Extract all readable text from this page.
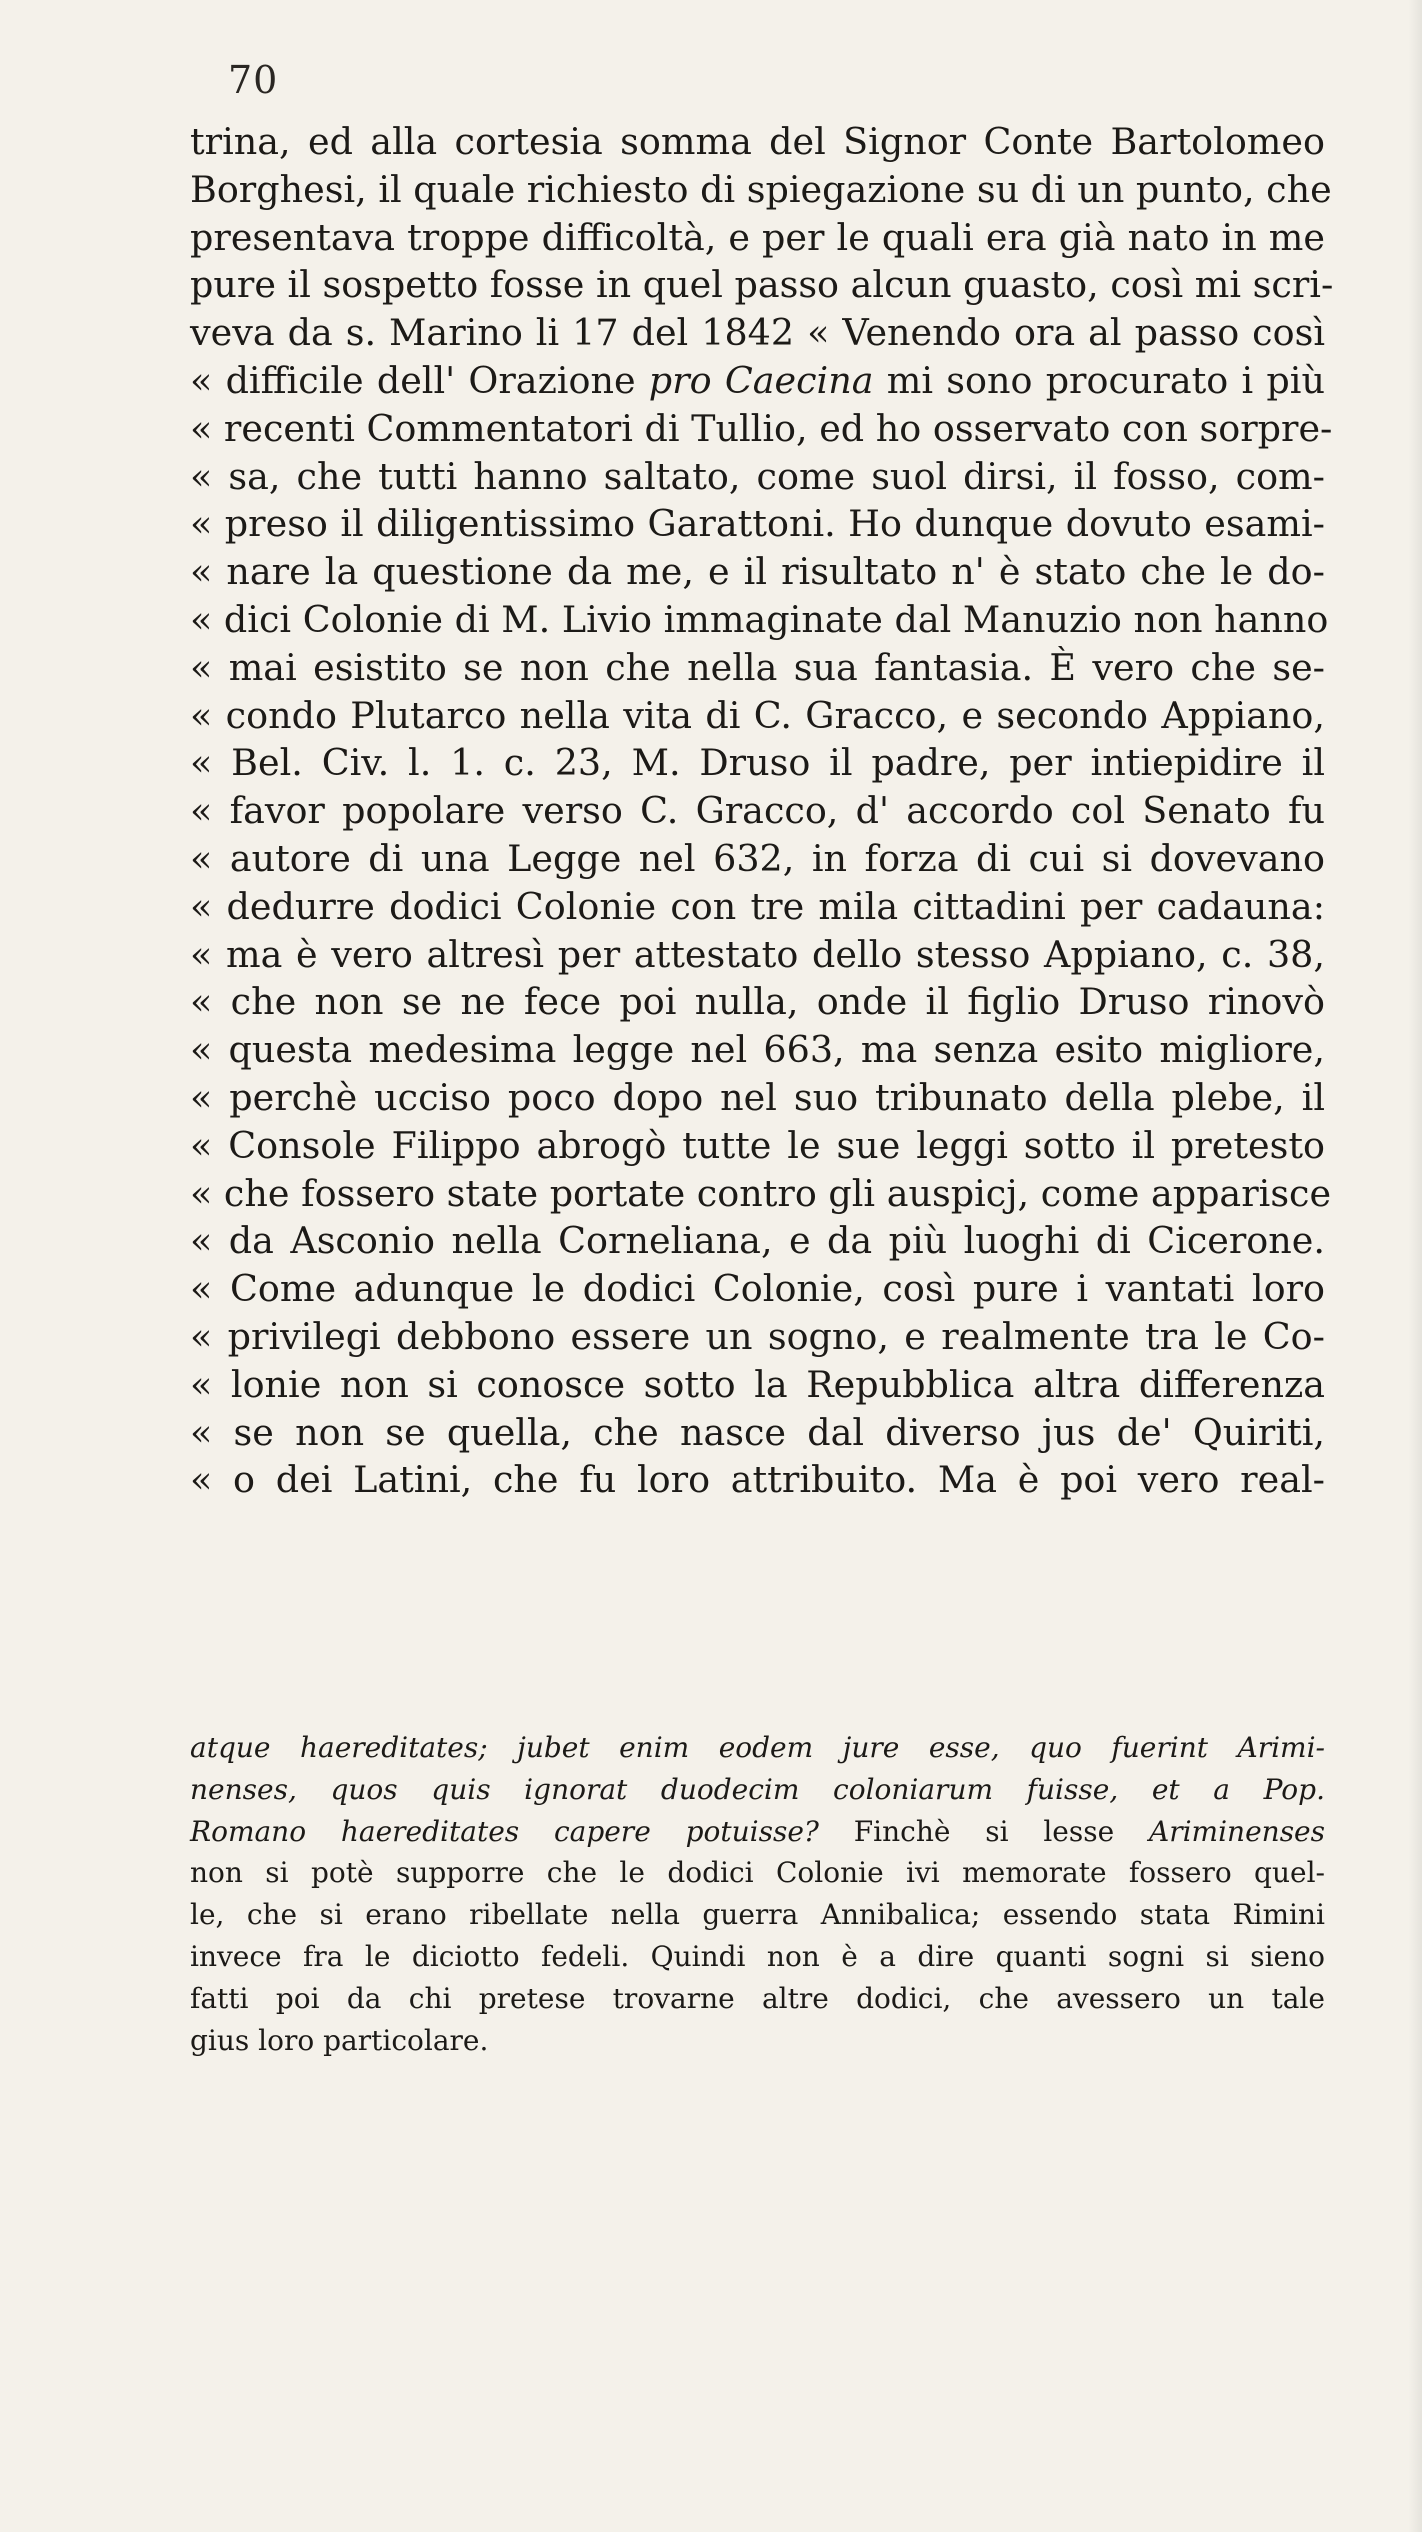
70
trina, ed alla cortesia somma del Signor Conte Bartolomeo
Borghesi, il quale richiesto di spiegazione su di un punto, che
presentava troppe difficoltà, e per le quali era già nato in me
pure il sospetto fosse in quel passo alcun guasto, così mi scri-
veva da s. Marino li 17 del 1842 « Venendo ora al passo così
« difficile dell' Orazione pro Caecina mi sono procurato i più
« recenti Commentatori di Tullio, ed ho osservato con sorpre-
« sa, che tutti hanno saltato, come suol dirsi, il fosso, com-
« preso il diligentissimo Garattoni. Ho dunque dovuto esami-
« nare la questione da me, e il risultato n' è stato che le do-
« dici Colonie di M. Livio immaginate dal Manuzio non hanno
« mai esistito se non che nella sua fantasia. È vero che se-
« condo Plutarco nella vita di C. Gracco, e secondo Appiano,
« Bel. Civ. l. 1. c. 23, M. Druso il padre, per intiepidire il
« favor popolare verso C. Gracco, d' accordo col Senato fu
« autore di una Legge nel 632, in forza di cui si dovevano
« dedurre dodici Colonie con tre mila cittadini per cadauna:
« ma è vero altresì per attestato dello stesso Appiano, c. 38,
« che non se ne fece poi nulla, onde il figlio Druso rinovò
« questa medesima legge nel 663, ma senza esito migliore,
« perchè ucciso poco dopo nel suo tribunato della plebe, il
« Console Filippo abrogò tutte le sue leggi sotto il pretesto
« che fossero state portate contro gli auspicj, come apparisce
« da Asconio nella Corneliana, e da più luoghi di Cicerone.
« Come adunque le dodici Colonie, così pure i vantati loro
« privilegi debbono essere un sogno, e realmente tra le Co-
« lonie non si conosce sotto la Repubblica altra differenza
« se non se quella, che nasce dal diverso jus de' Quiriti,
« o dei Latini, che fu loro attribuito. Ma è poi vero real-
atque haereditates; jubet enim eodem jure esse, quo fuerint Arimi-
nenses, quos quis ignorat duodecim coloniarum fuisse, et a Pop.
Romano haereditates capere potuisse? Finchè si lesse Ariminenses
non si potè supporre che le dodici Colonie ivi memorate fossero quel-
le, che si erano ribellate nella guerra Annibalica; essendo stata Rimini
invece fra le diciotto fedeli. Quindi non è a dire quanti sogni si sieno
fatti poi da chi pretese trovarne altre dodici, che avessero un tale
gius loro particolare.
